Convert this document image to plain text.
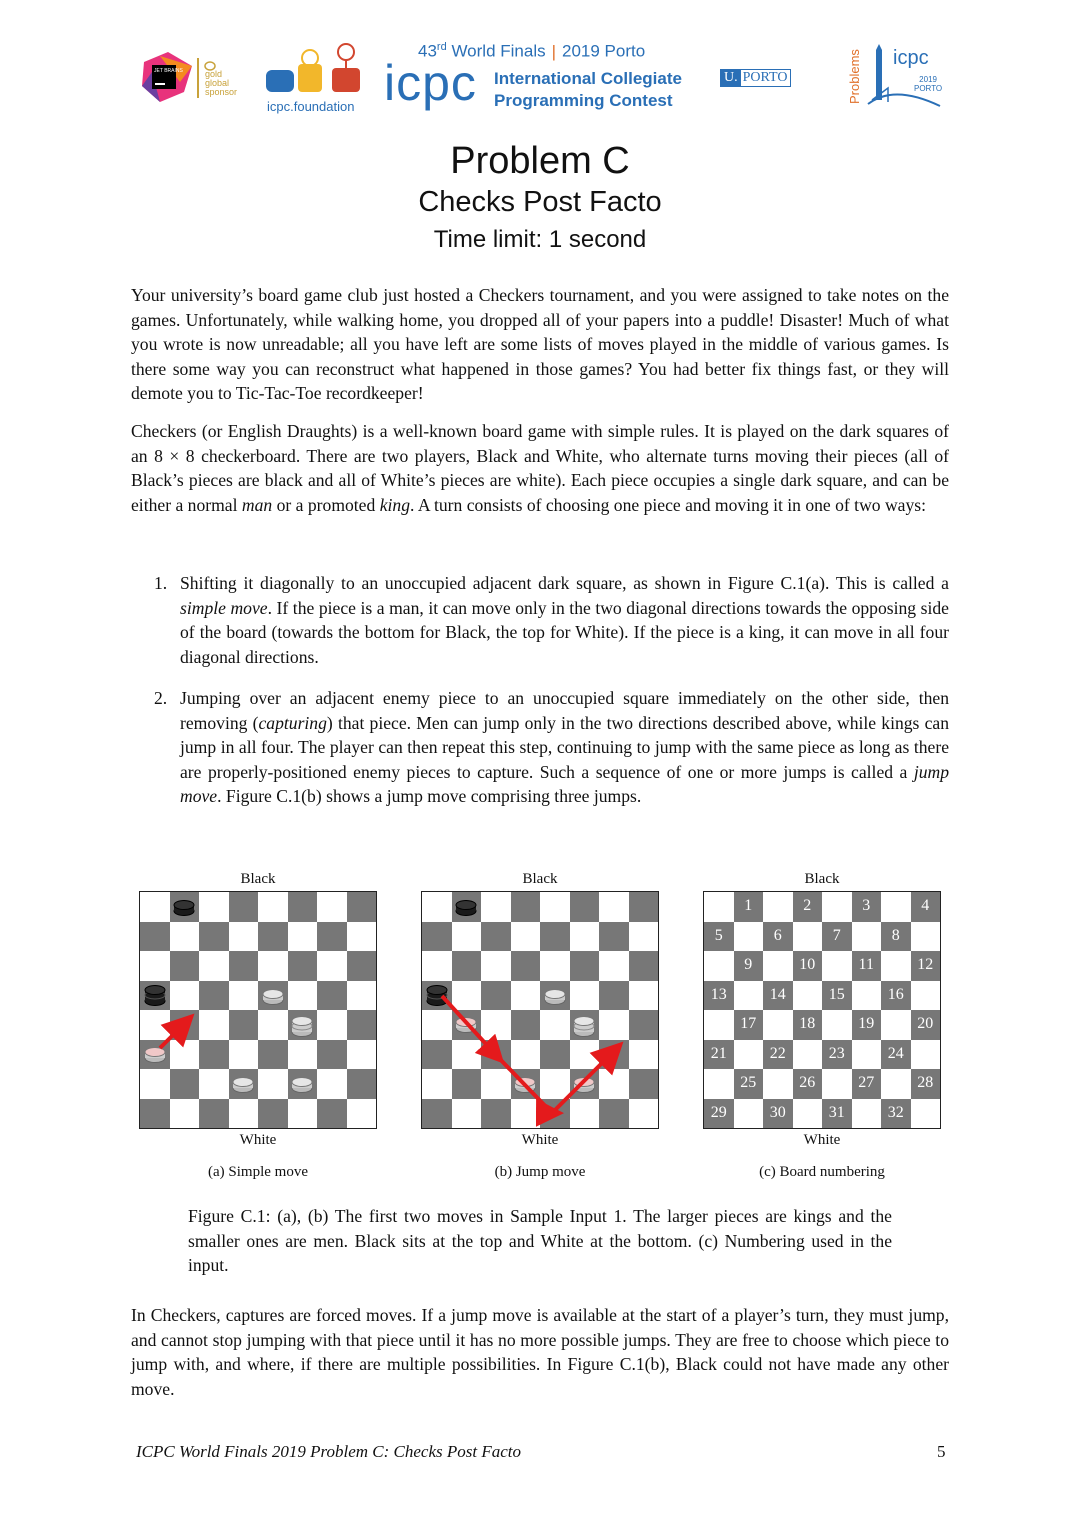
JET BRAINS gold
global
sponsor
icpc.foundation
43rd World Finals | 2019 Porto
icpc International Collegiate
Programming Contest
U. PORTO	Problems icpc
2019
PORTO
Problem C
Checks Post Facto
Time limit: 1 second
Your university’s board game club just hosted a Checkers tournament, and you were assigned to take notes on the games. Unfortunately, while walking home, you dropped all of your papers into a puddle! Disaster! Much of what you wrote is now unreadable; all you have left are some lists of moves played in the middle of various games. Is there some way you can reconstruct what happened in those games? You had better fix things fast, or they will demote you to Tic-Tac-Toe recordkeeper!
Checkers (or English Draughts) is a well-known board game with simple rules. It is played on the dark squares of an 8 × 8 checkerboard. There are two players, Black and White, who alternate turns moving their pieces (all of Black’s pieces are black and all of White’s pieces are white). Each piece occupies a single dark square, and can be either a normal man or a promoted king. A turn consists of choosing one piece and moving it in one of two ways:
1. Shifting it diagonally to an unoccupied adjacent dark square, as shown in Figure C.1(a). This is called a simple move. If the piece is a man, it can move only in the two diagonal directions towards the opposing side of the board (towards the bottom for Black, the top for White). If the piece is a king, it can move in all four diagonal directions.
2. Jumping over an adjacent enemy piece to an unoccupied square immediately on the other side, then removing (capturing) that piece. Men can jump only in the two directions described above, while kings can jump in all four. The player can then repeat this step, continuing to jump with the same piece as long as there are properly-positioned enemy pieces to capture. Such a sequence of one or more jumps is called a jump move. Figure C.1(b) shows a jump move comprising three jumps.
Black	Black	Black
1	2	3	4
5	6	7	8
9	10	11	12
13	14	15	16
17	18	19	20
21	22	23	24
25	26	27	28
29	30	31	32
White	White	White
(a) Simple move	(b) Jump move	(c) Board numbering
Figure C.1: (a), (b) The first two moves in Sample Input 1. The larger pieces are kings and the smaller ones are men. Black sits at the top and White at the bottom. (c) Numbering used in the input.
In Checkers, captures are forced moves. If a jump move is available at the start of a player’s turn, they must jump, and cannot stop jumping with that piece until it has no more possible jumps. They are free to choose which piece to jump with, and where, if there are multiple possibilities. In Figure C.1(b), Black could not have made any other move.
ICPC World Finals 2019 Problem C: Checks Post Facto	5
